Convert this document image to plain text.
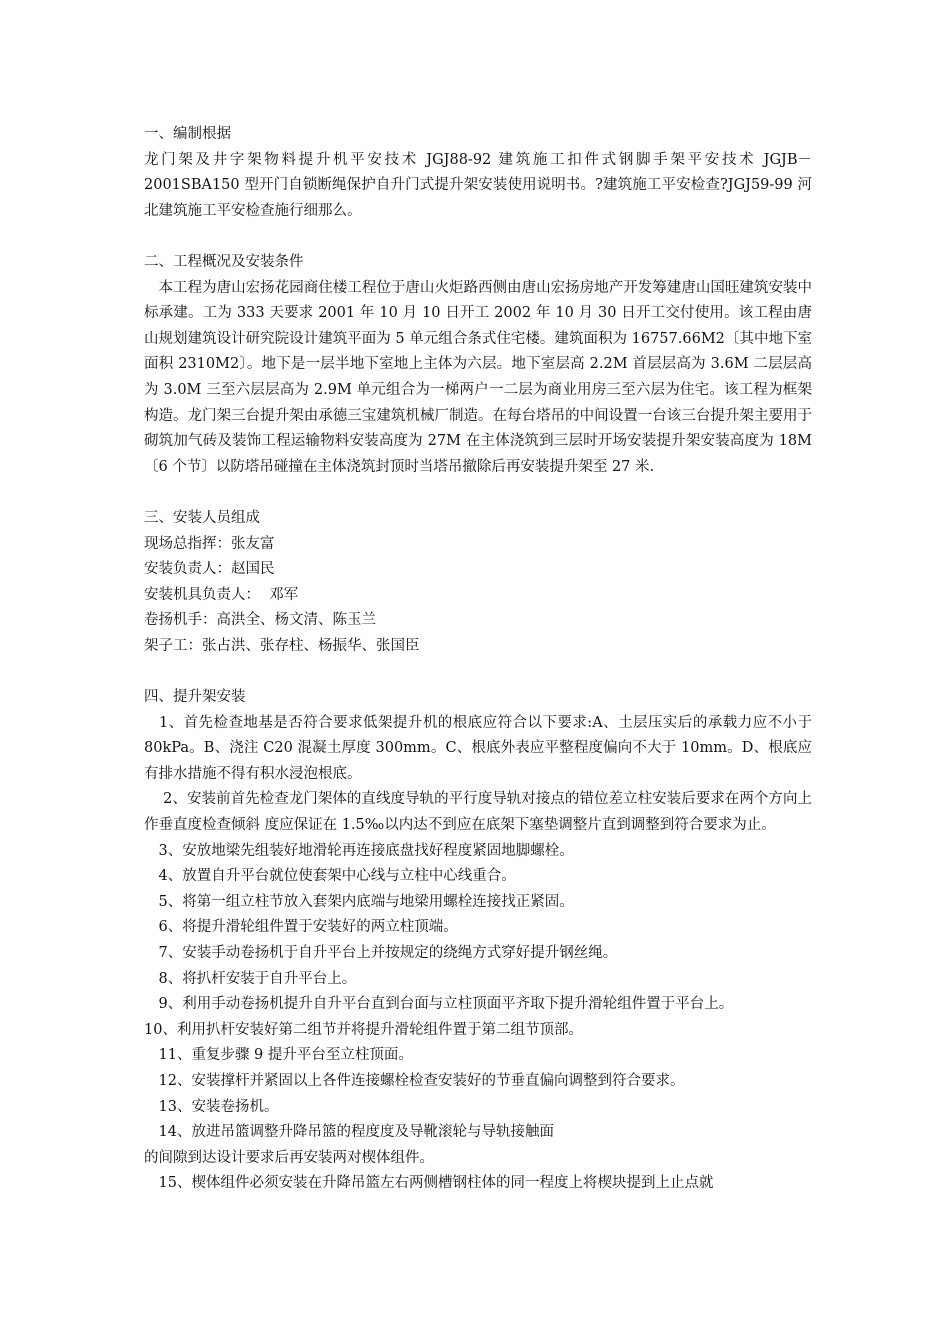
一、编制根据

龙门架及井字架物料提升机平安技术 JGJ88-92 建筑施工扣件式钢脚手架平安技术 JGJB－2001SBA150 型开门自锁断绳保护自升门式提升架安装使用说明书。?建筑施工平安检查?JGJ59-99 河北建筑施工平安检查施行细那么。

二、工程概况及安装条件

　本工程为唐山宏扬花园商住楼工程位于唐山火炬路西侧由唐山宏扬房地产开发筹建唐山国旺建筑安装中标承建。工为 333 天要求 2001 年 10 月 10 日开工 2002 年 10 月 30 日开工交付使用。该工程由唐山规划建筑设计研究院设计建筑平面为 5 单元组合条式住宅楼。建筑面积为 16757.66M2〔其中地下室面积 2310M2〕。地下是一层半地下室地上主体为六层。地下室层高 2.2M 首层层高为 3.6M 二层层高为 3.0M 三至六层层高为 2.9M 单元组合为一梯两户一二层为商业用房三至六层为住宅。该工程为框架构造。龙门架三台提升架由承德三宝建筑机械厂制造。在每台塔吊的中间设置一台该三台提升架主要用于砌筑加气砖及装饰工程运输物料安装高度为 27M 在主体浇筑到三层时开场安装提升架安装高度为 18M〔6 个节〕以防塔吊碰撞在主体浇筑封顶时当塔吊撤除后再安装提升架至 27 米.

三、安装人员组成

现场总指挥：张友富

安装负责人：赵国民

安装机具负责人：  邓军

卷扬机手：高洪全、杨文清、陈玉兰

架子工：张占洪、张存柱、杨振华、张国臣

四、提升架安装

　1、首先检查地基是否符合要求低架提升机的根底应符合以下要求:A、土层压实后的承载力应不小于 80kPa。B、浇注 C20 混凝土厚度 300mm。C、根底外表应平整程度偏向不大于 10mm。D、根底应有排水措施不得有积水浸泡根底。

　 2、安装前首先检查龙门架体的直线度导轨的平行度导轨对接点的错位差立柱安装后要求在两个方向上作垂直度检查倾斜 度应保证在 1.5‰以内达不到应在底架下塞垫调整片直到调整到符合要求为止。

　3、安放地梁先组装好地滑轮再连接底盘找好程度紧固地脚螺栓。

　4、放置自升平台就位使套架中心线与立柱中心线重合。

　5、将第一组立柱节放入套架内底端与地梁用螺栓连接找正紧固。

　6、将提升滑轮组件置于安装好的两立柱顶端。

　7、安装手动卷扬机于自升平台上并按规定的绕绳方式穿好提升钢丝绳。

　8、将扒杆安装于自升平台上。

　9、利用手动卷扬机提升自升平台直到台面与立柱顶面平齐取下提升滑轮组件置于平台上。

10、利用扒杆安装好第二组节并将提升滑轮组件置于第二组节顶部。

　11、重复步骤 9 提升平台至立柱顶面。

　12、安装撑杆并紧固以上各件连接螺栓检查安装好的节垂直偏向调整到符合要求。

　13、安装卷扬机。

　14、放进吊篮调整升降吊篮的程度度及导靴滚轮与导轨接触面

的间隙到达设计要求后再安装两对楔体组件。

　15、楔体组件必须安装在升降吊篮左右两侧槽钢柱体的同一程度上将楔块提到上止点就
